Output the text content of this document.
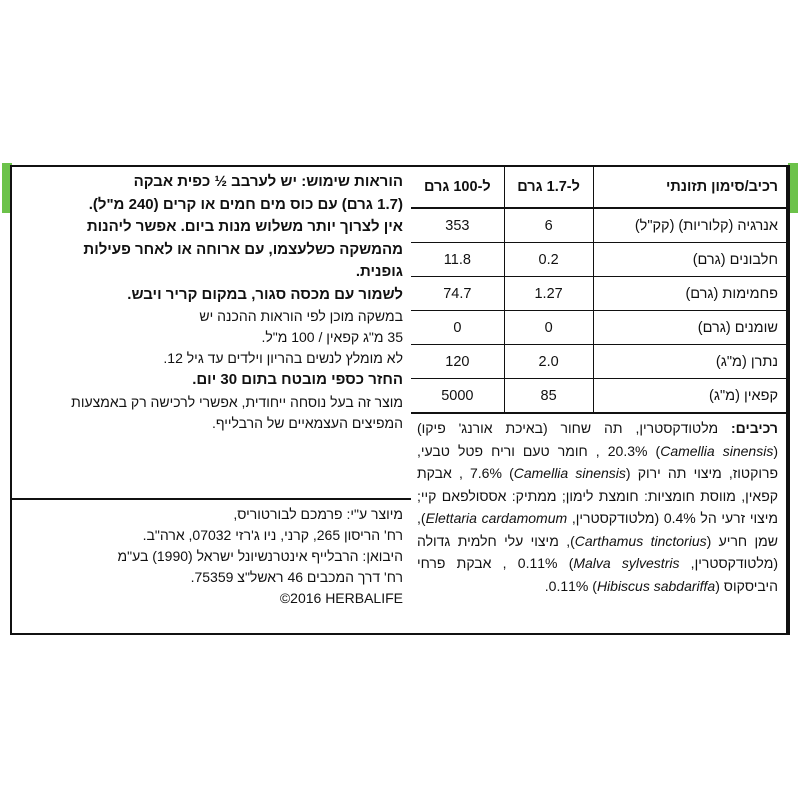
רכיב/סימון תזונתי	ל-1.7 גרם	ל-100 גרם
אנרגיה (קלוריות) (קק"ל)	6	353
חלבונים (גרם)	0.2	11.8
פחמימות (גרם)	1.27	74.7
שומנים (גרם)	0	0
נתרן (מ"ג)	2.0	120
קפאין (מ"ג)	85	5000
רכיבים: מלטודקסטרין, תה שחור (באיכת אורנג' פיקו) (Camellia sinensis) 20.3% , חומר טעם וריח פטל טבעי, פרוקטוז, מיצוי תה ירוק (Camellia sinensis) 7.6% , אבקת קפאין, מווסת חומציות: חומצת לימון; ממתיק: אססולפאם קיי; מיצוי זרעי הל 0.4% (מלטודקסטרין, Elettaria cardamomum), שמן חריע (Carthamus tinctorius), מיצוי עלי חלמית גדולה (מלטודקסטרין, Malva sylvestris) 0.11% , אבקת פרחי היביסקוס (Hibiscus sabdariffa) 0.11%.
הוראות שימוש: יש לערבב ½ כפית אבקה
(1.7 גרם) עם כוס מים חמים או קרים (240 מ"ל).
אין לצרוך יותר משלוש מנות ביום. אפשר ליהנות
מהמשקה כשלעצמו, עם ארוחה או לאחר פעילות
גופנית.
לשמור עם מכסה סגור, במקום קריר ויבש.
במשקה מוכן לפי הוראות ההכנה יש
35 מ"ג קפאין / 100 מ"ל.
לא מומלץ לנשים בהריון וילדים עד גיל 12.
החזר כספי מובטח בתום 30 יום.
מוצר זה בעל נוסחה ייחודית, אפשרי לרכישה רק באמצעות
המפיצים העצמאיים של הרבלייף.
מיוצר ע"י: פרמכם לבורטוריס,
רח' הריסון 265, קרני, ניו ג'רזי 07032, ארה"ב.
היבואן: הרבלייף אינטרנשיונל ישראל (1990) בע"מ
רח' דרך המכבים 46 ראשל"צ 75359.
©2016 HERBALIFE
